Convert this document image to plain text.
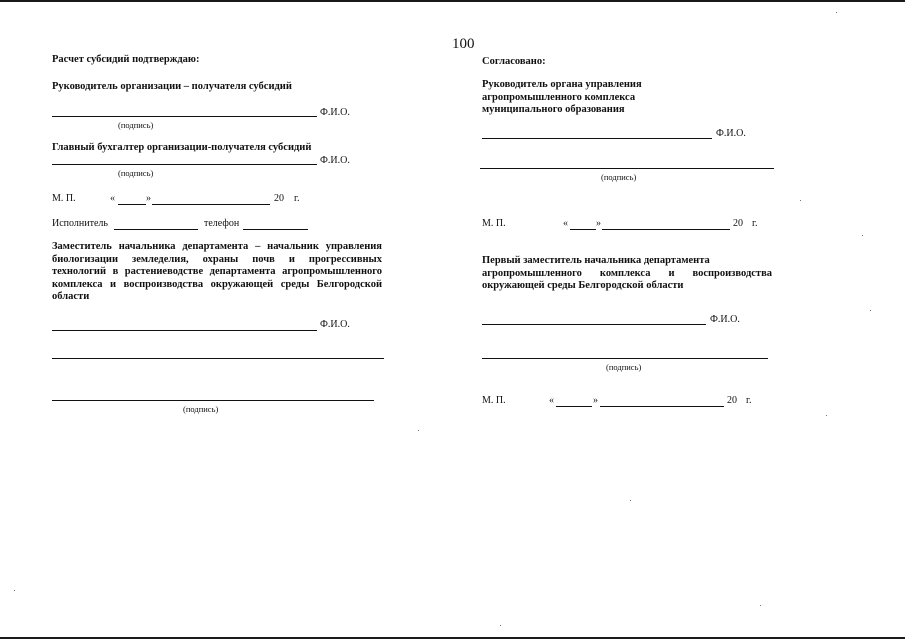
100
Расчет субсидий подтверждаю:
Руководитель организации – получателя субсидий
Ф.И.О.
(подпись)
Главный бухгалтер организации-получателя субсидий
Ф.И.О.
(подпись)
М. П.	«	»	20 г.
Исполнитель	телефон
Заместитель начальника департамента – начальник управления
биологизации земледелия, охраны почв и прогрессивных
технологий в растениеводстве департамента агропромышленного
комплекса и воспроизводства окружающей среды Белгородской
области
Ф.И.О.
(подпись)
Согласовано:
Руководитель органа управления
агропромышленного комплекса
муниципального образования
Ф.И.О.
(подпись)
М. П.	«	»	20 г.
Первый заместитель начальника департамента
агропромышленного комплекса и воспроизводства
окружающей среды Белгородской области
Ф.И.О.
(подпись)
М. П.	«	»	20 г.
